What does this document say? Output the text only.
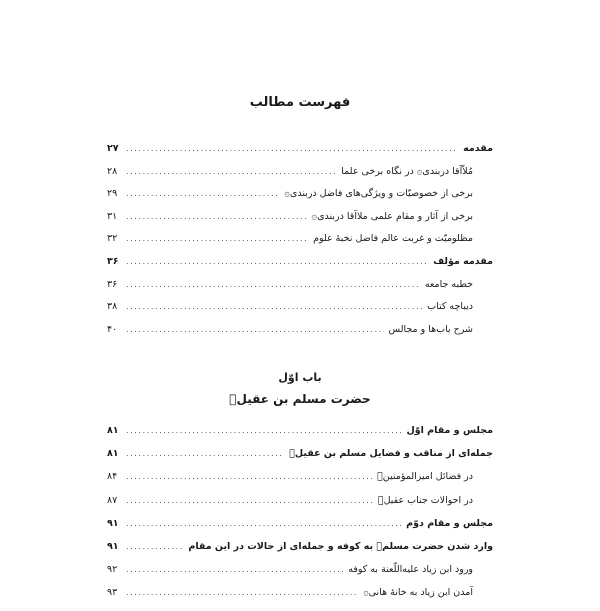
فهرست مطالب
مقدمه
.....
۲۷
مُلاّآقا دربندی۞ در نگاه برخی علما
.....
۲۸
برخی از خصوصیّات و ویژگی‌های فاضل دربندی۞
.....
۲۹
برخی از آثار و مقام علمی ملاآقا دربندی۞
.....
۳۱
مظلومیّت و غربت عالم فاضل نخبهٔ علوم
.....
۳۲
مقدمه مؤلف
.....
۳۶
خطبه جامعه
.....
۳۶
دیباچه کتاب
.....
۳۸
شرح باب‌ها و مجالس
.....
۴۰
باب اوّل
حضرت مسلم بن عقیلؑ
مجلس و مقام اوّل
.....
۸۱
جمله‌ای از مناقب و فضایل مسلم بن عقیلؑ
.....
۸۱
در فضائل امیرالمؤمنینؑ
.....
۸۴
در احوالات جناب عقیلؑ
.....
۸۷
مجلس و مقام دوّم
.....
۹۱
وارد شدن حضرت مسلمؑ به کوفه و جمله‌ای از حالات در این مقام
.....
۹۱
ورود ابن زیاد علیه‌اللّعنة به کوفه
.....
۹۲
آمدن ابن زیاد به خانهٔ هانی۞
.....
۹۳
